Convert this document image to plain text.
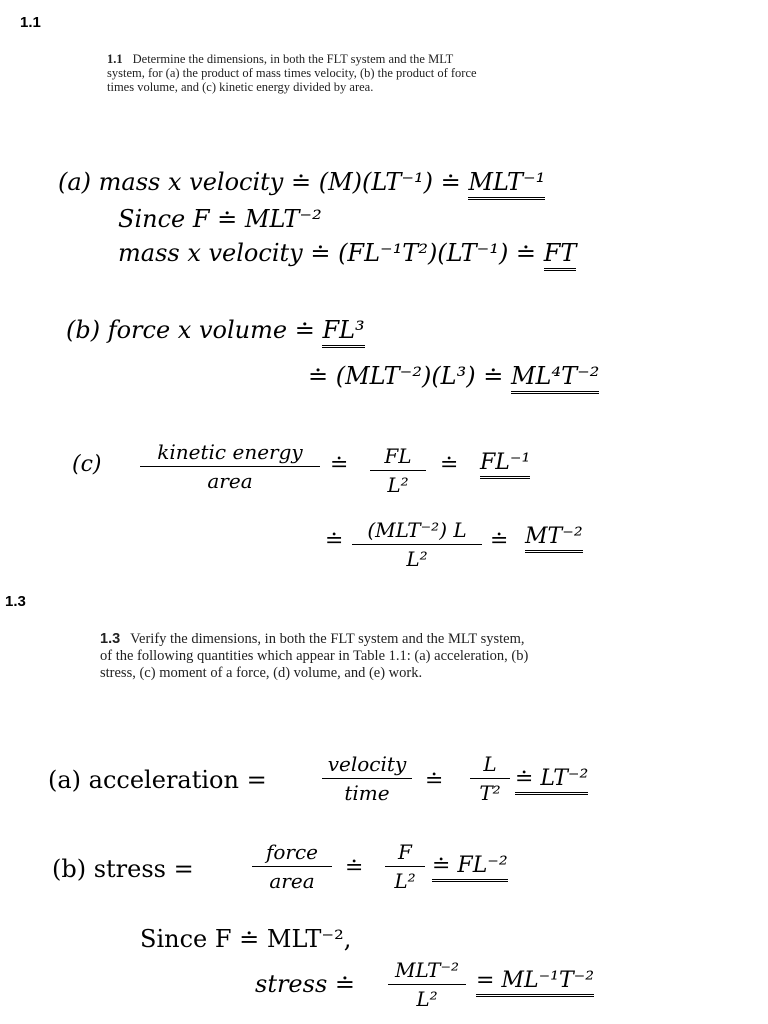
1.1
1.3
1.1 Determine the dimensions, in both the FLT system and the MLT system, for (a) the product of mass times velocity, (b) the product of force times volume, and (c) kinetic energy divided by area.
(a) mass x velocity ≐ (M)(LT⁻¹) ≐ MLT⁻¹
Since F ≐ MLT⁻²
mass x velocity ≐ (FL⁻¹T²)(LT⁻¹) ≐ FT
(b) force x volume ≐ FL³
≐ (MLT⁻²)(L³) ≐ ML⁴T⁻²
(c)	kinetic energy
area
≐ $\frac{FL}{\text{L²}}$ ≐ FL⁻¹
≐	(MLT⁻²) L
L²
≐ MT⁻²
1.3 Verify the dimensions, in both the FLT system and the MLT system, of the following quantities which appear in Table 1.1: (a) acceleration, (b) stress, (c) moment of a force, (d) volume, and (e) work.
(a) acceleration =
velocity
time	≐ $\frac{L}{\text{T²}}$ ≐ LT⁻²
(b) stress =
force
area
≐ $\frac{F}{\text{L²}}$ ≐ FL⁻²
Since F ≐ MLT⁻²,
stress ≐	MLT⁻²
L²
= ML⁻¹T⁻²
